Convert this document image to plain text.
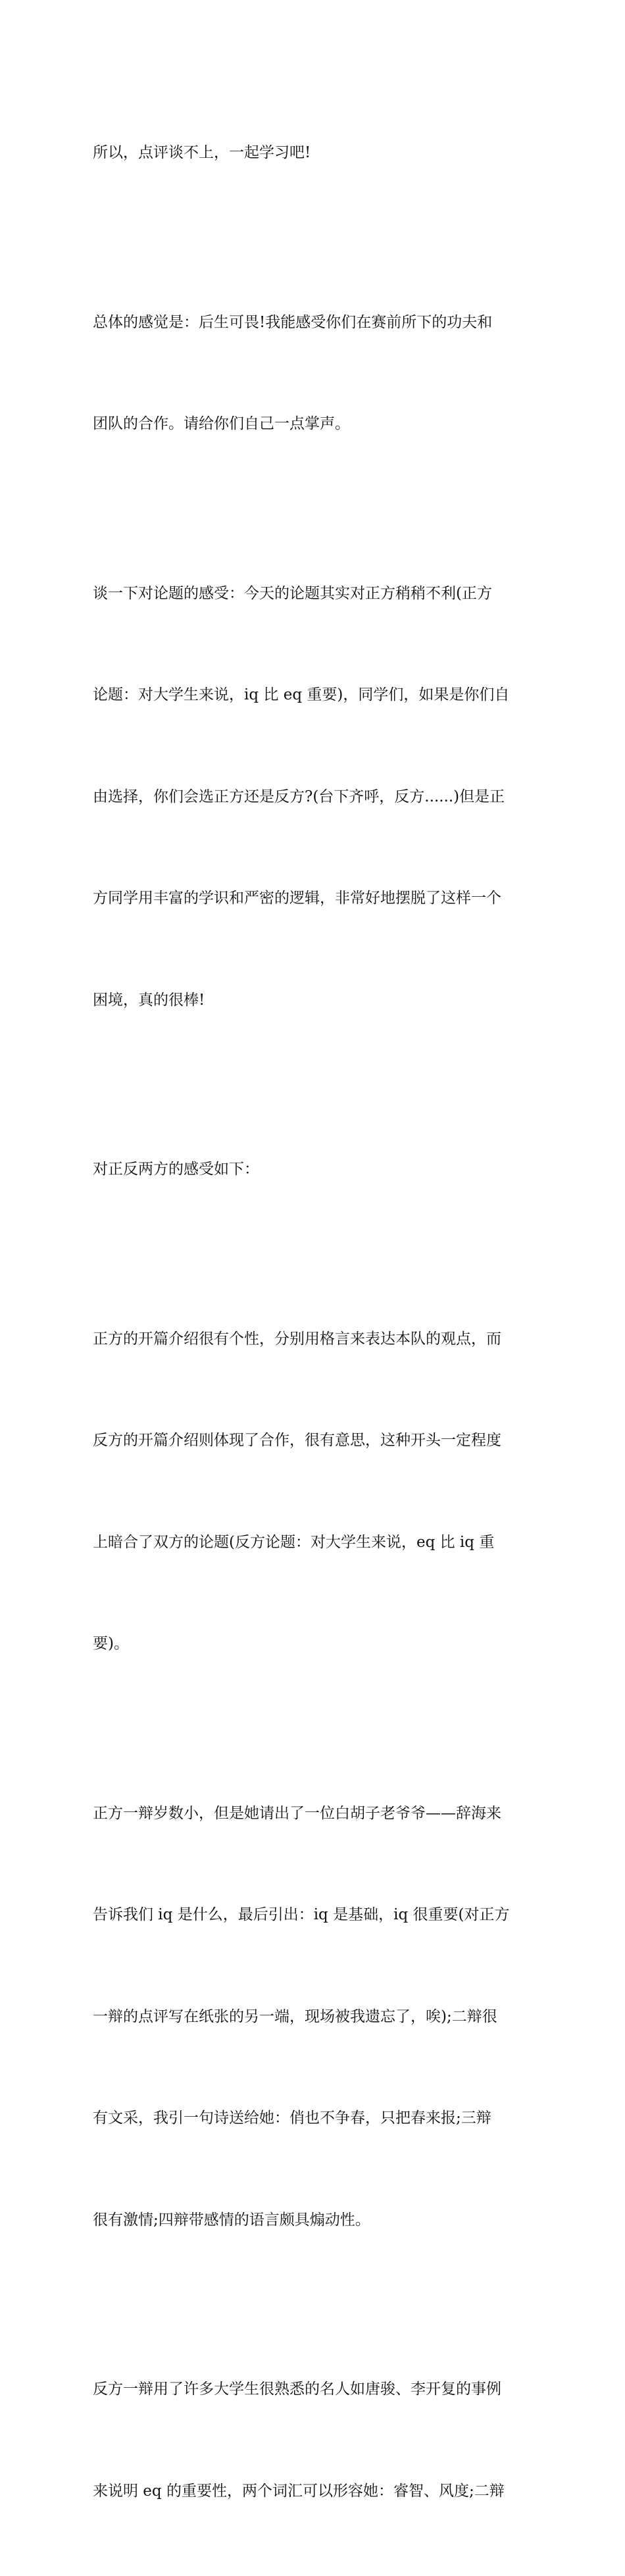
所以，点评谈不上，一起学习吧!

总体的感觉是：后生可畏!我能感受你们在赛前所下的功夫和

团队的合作。请给你们自己一点掌声。

谈一下对论题的感受：今天的论题其实对正方稍稍不利(正方

论题：对大学生来说，iq 比 eq 重要)，同学们，如果是你们自

由选择，你们会选正方还是反方?(台下齐呼，反方......)但是正

方同学用丰富的学识和严密的逻辑，非常好地摆脱了这样一个

困境，真的很棒!

对正反两方的感受如下：

正方的开篇介绍很有个性，分别用格言来表达本队的观点，而

反方的开篇介绍则体现了合作，很有意思，这种开头一定程度

上暗合了双方的论题(反方论题：对大学生来说，eq 比 iq 重

要)。

正方一辩岁数小，但是她请出了一位白胡子老爷爷——辞海来

告诉我们 iq 是什么，最后引出：iq 是基础，iq 很重要(对正方

一辩的点评写在纸张的另一端，现场被我遗忘了，唉);二辩很

有文采，我引一句诗送给她：俏也不争春，只把春来报;三辩

很有激情;四辩带感情的语言颇具煽动性。

反方一辩用了许多大学生很熟悉的名人如唐骏、李开复的事例

来说明 eq 的重要性，两个词汇可以形容她：睿智、风度;二辩
